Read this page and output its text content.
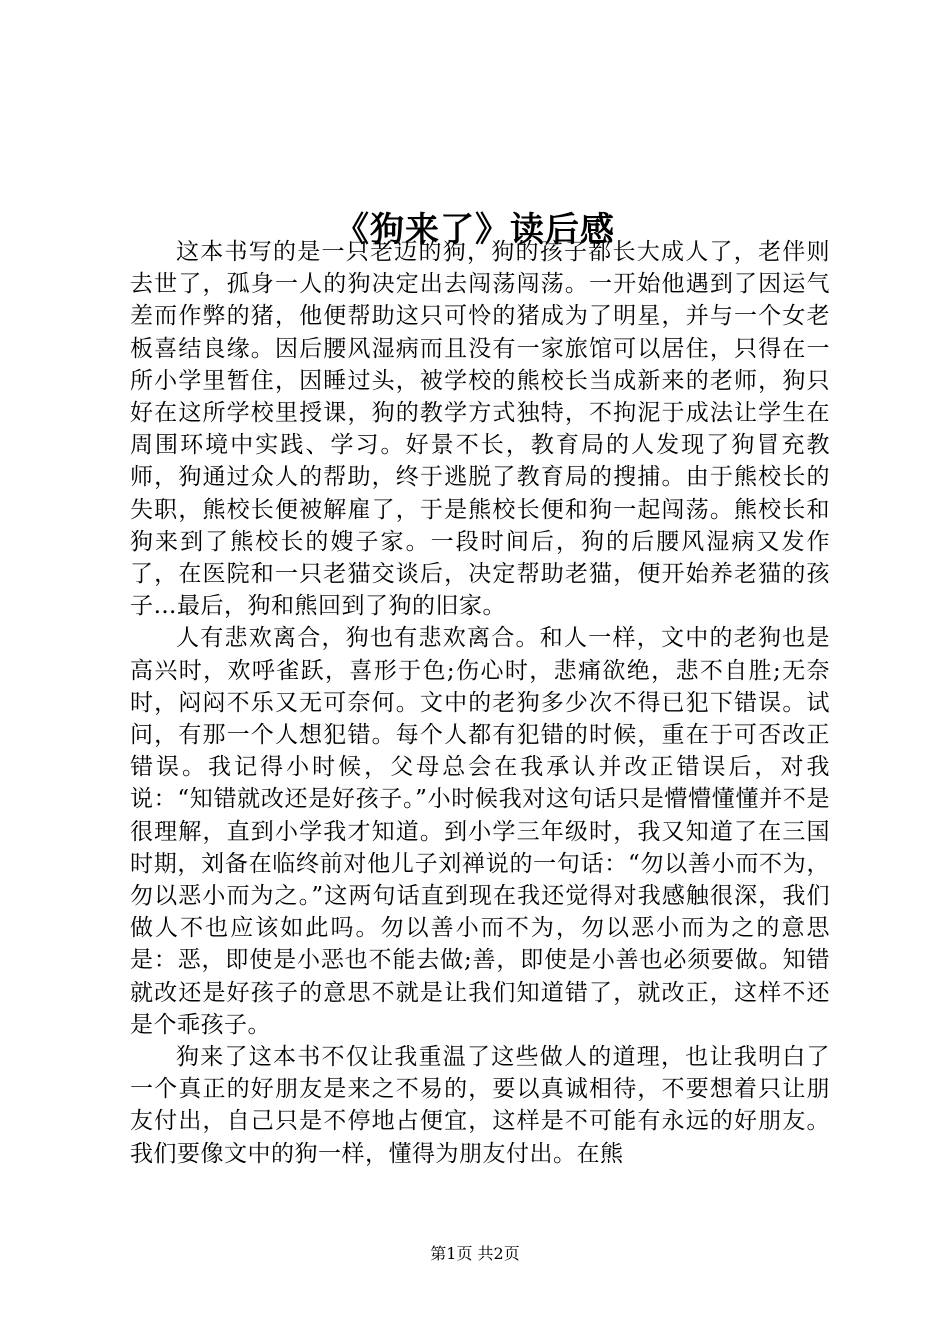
《狗来了》读后感

这本书写的是一只老迈的狗，狗的孩子都长大成人了，老伴则去世了，孤身一人的狗决定出去闯荡闯荡。一开始他遇到了因运气差而作弊的猪，他便帮助这只可怜的猪成为了明星，并与一个女老板喜结良缘。因后腰风湿病而且没有一家旅馆可以居住，只得在一所小学里暂住，因睡过头，被学校的熊校长当成新来的老师，狗只好在这所学校里授课，狗的教学方式独特，不拘泥于成法让学生在周围环境中实践、学习。好景不长，教育局的人发现了狗冒充教师，狗通过众人的帮助，终于逃脱了教育局的搜捕。由于熊校长的失职，熊校长便被解雇了，于是熊校长便和狗一起闯荡。熊校长和狗来到了熊校长的嫂子家。一段时间后，狗的后腰风湿病又发作了，在医院和一只老猫交谈后，决定帮助老猫，便开始养老猫的孩子…最后，狗和熊回到了狗的旧家。

人有悲欢离合，狗也有悲欢离合。和人一样，文中的老狗也是高兴时，欢呼雀跃，喜形于色;伤心时，悲痛欲绝，悲不自胜;无奈时，闷闷不乐又无可奈何。文中的老狗多少次不得已犯下错误。试问，有那一个人想犯错。每个人都有犯错的时候，重在于可否改正错误。我记得小时候，父母总会在我承认并改正错误后，对我说：“知错就改还是好孩子。”小时候我对这句话只是懵懵懂懂并不是很理解，直到小学我才知道。到小学三年级时，我又知道了在三国时期，刘备在临终前对他儿子刘禅说的一句话：“勿以善小而不为，勿以恶小而为之。”这两句话直到现在我还觉得对我感触很深，我们做人不也应该如此吗。勿以善小而不为，勿以恶小而为之的意思是：恶，即使是小恶也不能去做;善，即使是小善也必须要做。知错就改还是好孩子的意思不就是让我们知道错了，就改正，这样不还是个乖孩子。

狗来了这本书不仅让我重温了这些做人的道理，也让我明白了一个真正的好朋友是来之不易的，要以真诚相待，不要想着只让朋友付出，自己只是不停地占便宜，这样是不可能有永远的好朋友。我们要像文中的狗一样，懂得为朋友付出。在熊

第1页 共2页
